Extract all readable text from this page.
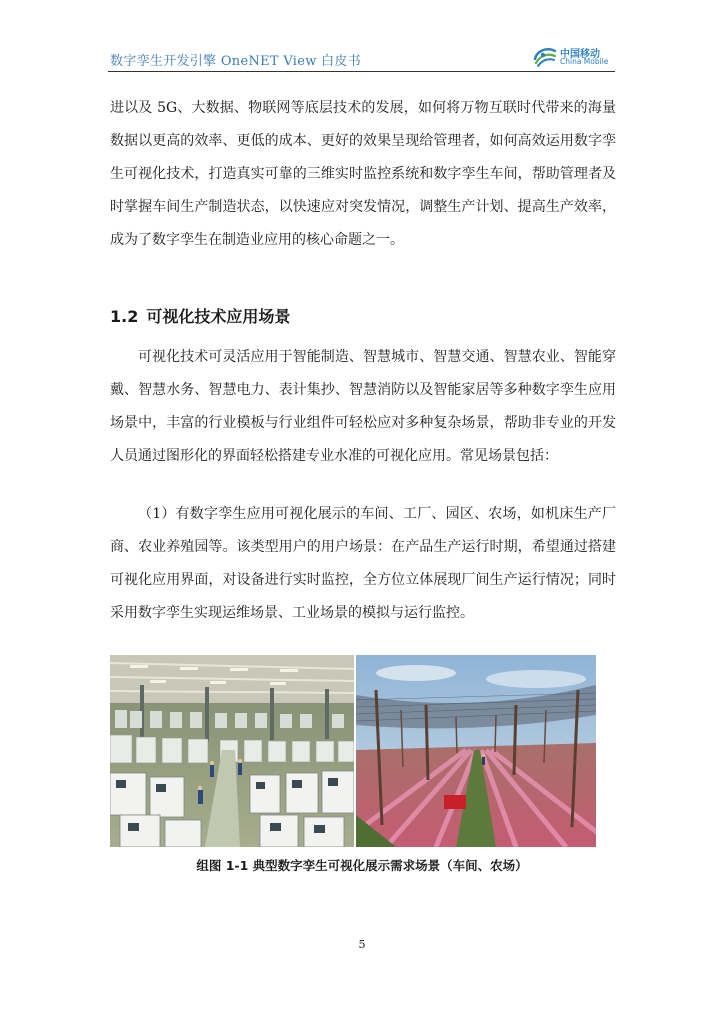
数字孪生开发引擎 OneNET View 白皮书	中国移动
China Mobile
进以及 5G、大数据、物联网等底层技术的发展，如何将万物互联时代带来的海量数据以更高的效率、更低的成本、更好的效果呈现给管理者，如何高效运用数字孪生可视化技术，打造真实可靠的三维实时监控系统和数字孪生车间，帮助管理者及时掌握车间生产制造状态，以快速应对突发情况，调整生产计划、提高生产效率，成为了数字孪生在制造业应用的核心命题之一。
1.2 可视化技术应用场景
可视化技术可灵活应用于智能制造、智慧城市、智慧交通、智慧农业、智能穿戴、智慧水务、智慧电力、表计集抄、智慧消防以及智能家居等多种数字孪生应用场景中，丰富的行业模板与行业组件可轻松应对多种复杂场景，帮助非专业的开发人员通过图形化的界面轻松搭建专业水准的可视化应用。常见场景包括：
（1）有数字孪生应用可视化展示的车间、工厂、园区、农场，如机床生产厂商、农业养殖园等。该类型用户的用户场景：在产品生产运行时期，希望通过搭建可视化应用界面，对设备进行实时监控，全方位立体展现厂间生产运行情况；同时采用数字孪生实现运维场景、工业场景的模拟与运行监控。
组图 1-1 典型数字孪生可视化展示需求场景（车间、农场）
5
